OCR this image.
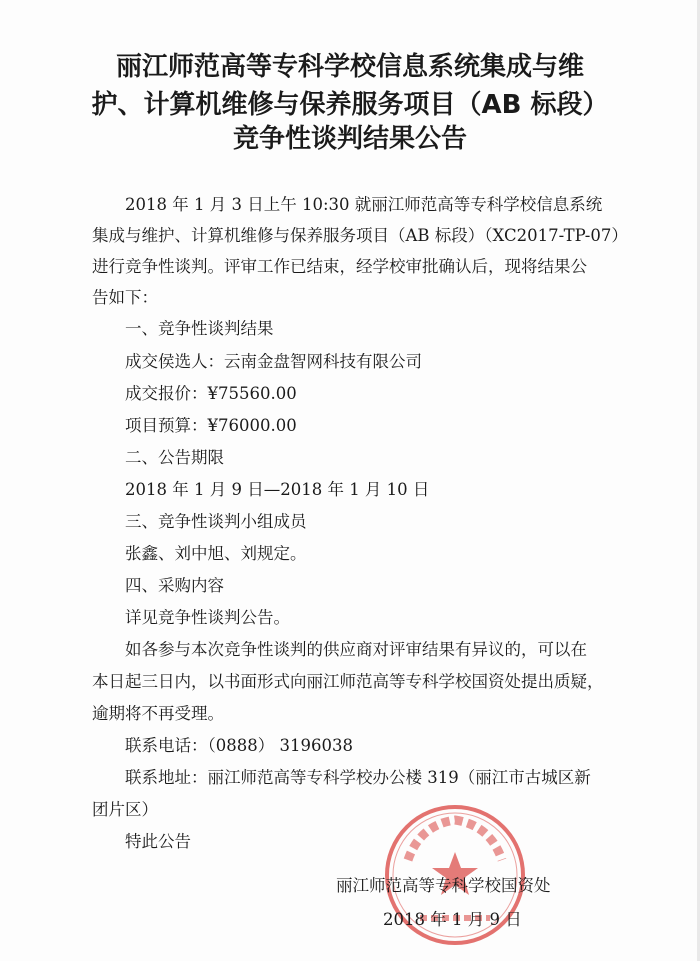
丽江师范高等专科学校信息系统集成与维
护、计算机维修与保养服务项目（AB 标段）
竞争性谈判结果公告
2018 年 1 月 3 日上午 10:30 就丽江师范高等专科学校信息系统
集成与维护、计算机维修与保养服务项目（AB 标段）（XC2017-TP-07）
进行竞争性谈判。评审工作已结束，经学校审批确认后，现将结果公
告如下：
一、竞争性谈判结果
成交侯选人：云南金盘智网科技有限公司
成交报价：¥75560.00
项目预算：¥76000.00
二、公告期限
2018 年 1 月 9 日—2018 年 1 月 10 日
三、竞争性谈判小组成员
张鑫、刘中旭、刘规定。
四、采购内容
详见竞争性谈判公告。
如各参与本次竞争性谈判的供应商对评审结果有异议的，可以在
本日起三日内，以书面形式向丽江师范高等专科学校国资处提出质疑，
逾期将不再受理。
联系电话：（0888） 3196038
联系地址：丽江师范高等专科学校办公楼 319（丽江市古城区新
团片区）
特此公告
丽江师范高等专科学校国资处
2018 年 1 月 9 日
